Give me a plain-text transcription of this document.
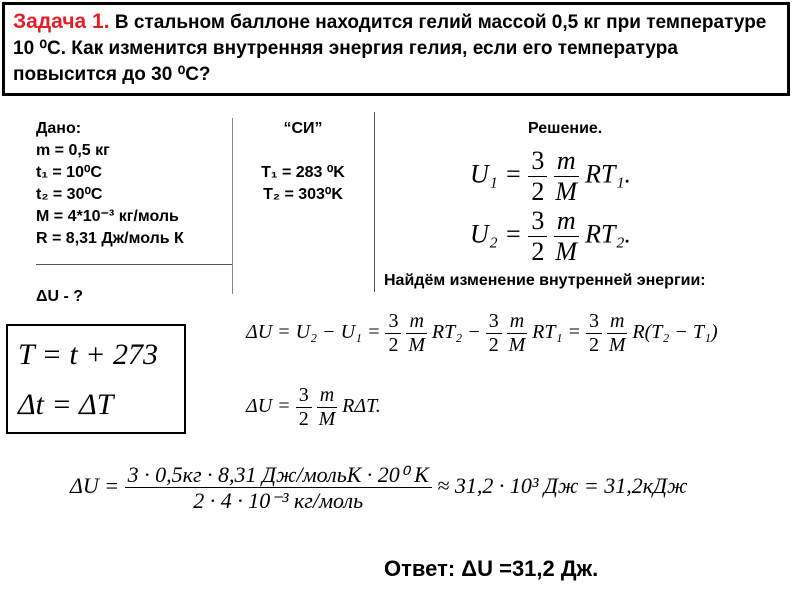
Задача 1. В стальном баллоне находится гелий массой 0,5 кг при температуре 10 ⁰С. Как изменится внутренняя энергия гелия, если его температура повысится до 30 ⁰С?
Дано:
m = 0,5 кг
t₁ = 10⁰С
t₂ = 30⁰С
M = 4*10⁻³ кг/моль
R = 8,31 Дж/моль К
ΔU - ?
“СИ”
T₁ = 283 ⁰K
T₂ = 303⁰K
Решение.
$U_1 = \frac{3}{2}$
$\frac{m}{M} RT_1$.
$U_2 = \frac{3}{2}$
$\frac{m}{M} RT_2$.
Найдём изменение внутренней энергии:
T = t + 273
Δt = ΔT
$\Delta U = U_2 - U_1 = \frac{3}{2}$
$\frac{m}{M} RT_2 - \frac{3}{2}$
$\frac{m}{M} RT_1 = \frac{3}{2}$
$\frac{m}{M} R(T_2 - T_1)$
$\Delta U = \frac{3}{2}$
$\frac{m}{M} R\Delta T$.
$\Delta U = \frac{\text{3 · 0,5кг · 8,31 Дж/мольК · 20⁰ К}}{\text{2 · 4 · 10⁻³ кг/моль}} \approx 31,2 \cdot 10^3$ Дж = 31,2кДж
Ответ: ΔU =31,2 Дж.
